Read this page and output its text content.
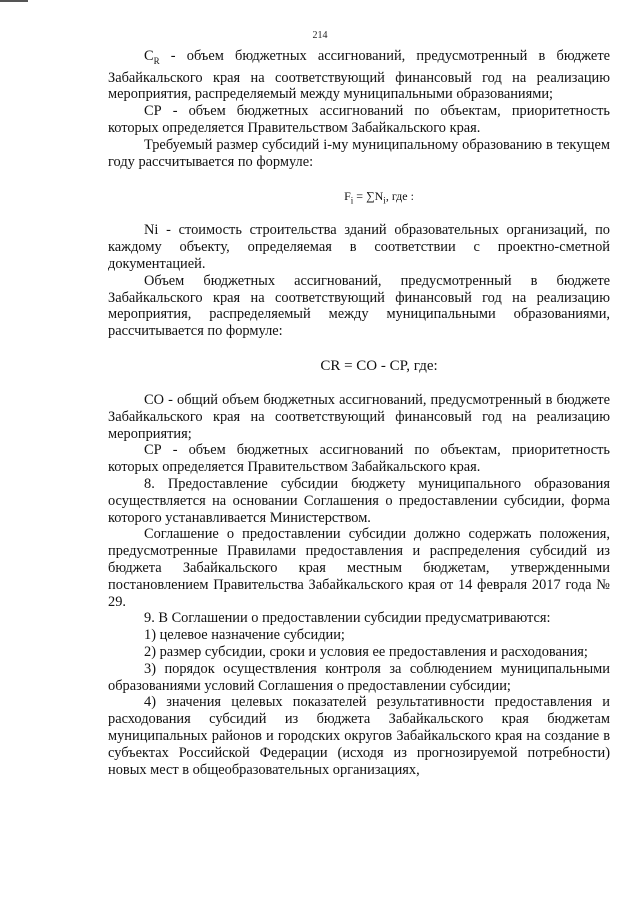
214

$C_R$ - объем бюджетных ассигнований, предусмотренный в бюджете Забайкальского края на соответствующий финансовый год на реализацию мероприятия, распределяемый между муниципальными образованиями;

СР - объем бюджетных ассигнований по объектам, приоритетность которых определяется Правительством Забайкальского края.

Требуемый размер субсидий i-му муниципальному образованию в текущем году рассчитывается по формуле:

$F_i = \sum N_i$, где :

Ni - стоимость строительства зданий образовательных организаций, по каждому объекту, определяемая в соответствии с проектно-сметной документацией.

Объем бюджетных ассигнований, предусмотренный в бюджете Забайкальского края на соответствующий финансовый год на реализацию мероприятия, распределяемый между муниципальными образованиями, рассчитывается по формуле:

CR = CO - CP, где:

СО - общий объем бюджетных ассигнований, предусмотренный в бюджете Забайкальского края на соответствующий финансовый год на реализацию мероприятия;

СР - объем бюджетных ассигнований по объектам, приоритетность которых определяется Правительством Забайкальского края.

8. Предоставление субсидии бюджету муниципального образования осуществляется на основании Соглашения о предоставлении субсидии, форма которого устанавливается Министерством.

Соглашение о предоставлении субсидии должно содержать положения, предусмотренные Правилами предоставления и распределения субсидий из бюджета Забайкальского края местным бюджетам, утвержденными постановлением Правительства Забайкальского края от 14 февраля 2017 года № 29.

9. В Соглашении о предоставлении субсидии предусматриваются:

1) целевое назначение субсидии;

2) размер субсидии, сроки и условия ее предоставления и расходования;

3) порядок осуществления контроля за соблюдением муниципальными образованиями условий Соглашения о предоставлении субсидии;

4) значения целевых показателей результативности предоставления и расходования субсидий из бюджета Забайкальского края бюджетам муниципальных районов и городских округов Забайкальского края на создание в субъектах Российской Федерации (исходя из прогнозируемой потребности) новых мест в общеобразовательных организациях,
